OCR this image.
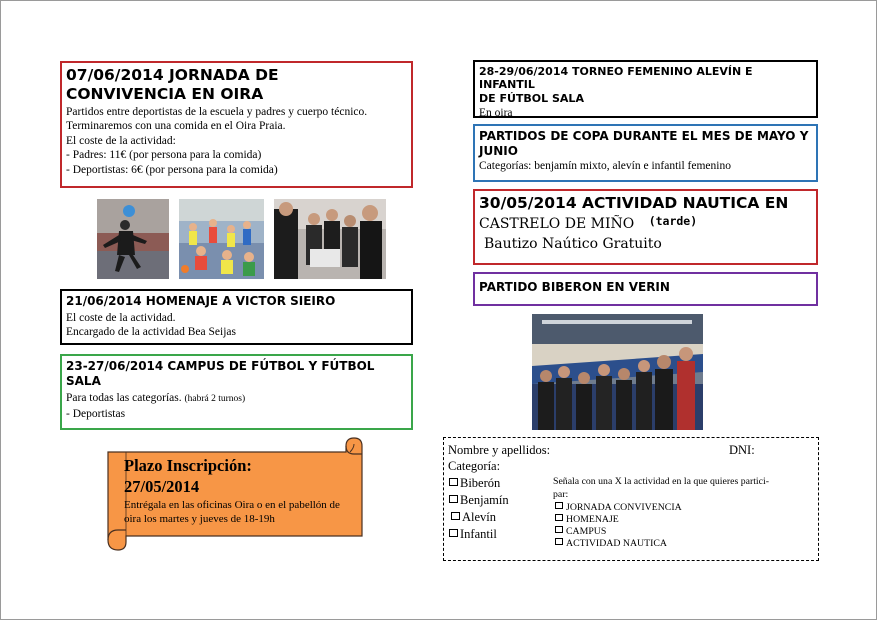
07/06/2014 JORNADA DE
CONVIVENCIA EN OIRA
Partidos entre deportistas de la escuela y padres y cuerpo técnico.
Terminaremos con una comida en el Oira Praia.
El coste de la actividad:
- Padres: 11€ (por persona para la comida)
- Deportistas: 6€ (por persona para la comida)
21/06/2014 HOMENAJE A VICTOR SIEIRO
El coste de la actividad.
Encargado de la actividad Bea Seijas
23-27/06/2014 CAMPUS DE FÚTBOL Y FÚTBOL
SALA
Para todas las categorías. (habrá 2 turnos)
- Deportistas
Plazo Inscripción:
27/05/2014
Entrégala en las oficinas Oira o en el pabellón de oira los martes y jueves de 18-19h
28-29/06/2014 TORNEO FEMENINO ALEVÍN E INFANTIL
DE FÚTBOL SALA
En oira
PARTIDOS DE COPA DURANTE EL MES DE MAYO Y
JUNIO
Categorías: benjamín mixto, alevín e infantil femenino
30/05/2014 ACTIVIDAD NAUTICA EN
CASTRELO DE MIÑO $^{(tarde)}$
Bautizo Naútico Gratuito
PARTIDO BIBERON EN VERIN
Nombre y apellidos:	DNI:
Categoría:
Biberón
Benjamín
Alevín
Infantil
Señala con una X la actividad en la que quieres partici-
par:
JORNADA CONVIVENCIA
HOMENAJE
CAMPUS
ACTIVIDAD NAUTICA
